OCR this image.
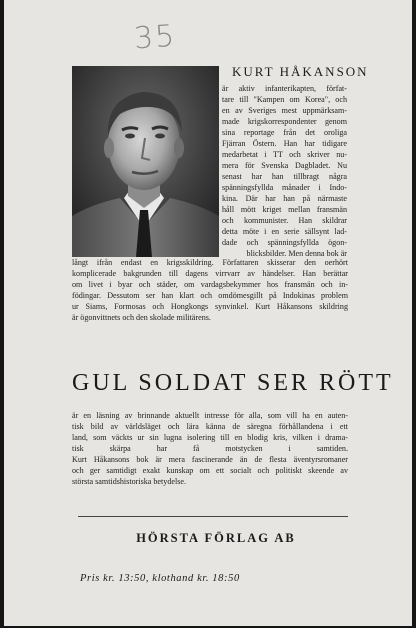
35
KURT HÅKANSON
är aktiv infanterikapten, förfat-
tare till "Kampen om Korea", och
en av Sveriges mest uppmärksam-
made krigskorrespondenter genom
sina reportage från det oroliga
Fjärran Östern. Han har tidigare
medarbetat i TT och skriver nu-
mera för Svenska Dagbladet. Nu
senast har han tillbragt några
spänningsfyllda månader i Indo-
kina. Där har han på närmaste
håll mött kriget mellan fransmän
och kommunister. Han skildrar
detta möte i en serie sällsynt lad-
dade och spänningsfyllda ögon-
blicksbilder. Men denna bok är
långt ifrån endast en krigsskildring. Författaren skisserar den oerhört
komplicerade bakgrunden till dagens virrvarr av händelser. Han berättar
om livet i byar och städer, om vardagsbekymmer hos fransmän och in-
födingar. Dessutom ser han klart och omdömesgillt på Indokinas problem
ur Siams, Formosas och Hongkongs synvinkel. Kurt Håkansons skildring
är ögonvittnets och den skolade militärens.
GUL SOLDAT SER RÖTT
är en läsning av brinnande aktuellt intresse för alla, som vill ha en auten-
tisk bild av världsläget och lära känna de säregna förhållandena i ett
land, som väckts ur sin lugna isolering till en blodig kris, vilken i drama-
tisk skärpa har få motstycken i samtiden.
Kurt Håkansons bok är mera fascinerande än de flesta äventyrsromaner
och ger samtidigt exakt kunskap om ett socialt och politiskt skeende av
största samtidshistoriska betydelse.
HÖRSTA FÖRLAG AB
Pris kr. 13:50, klothand kr. 18:50
